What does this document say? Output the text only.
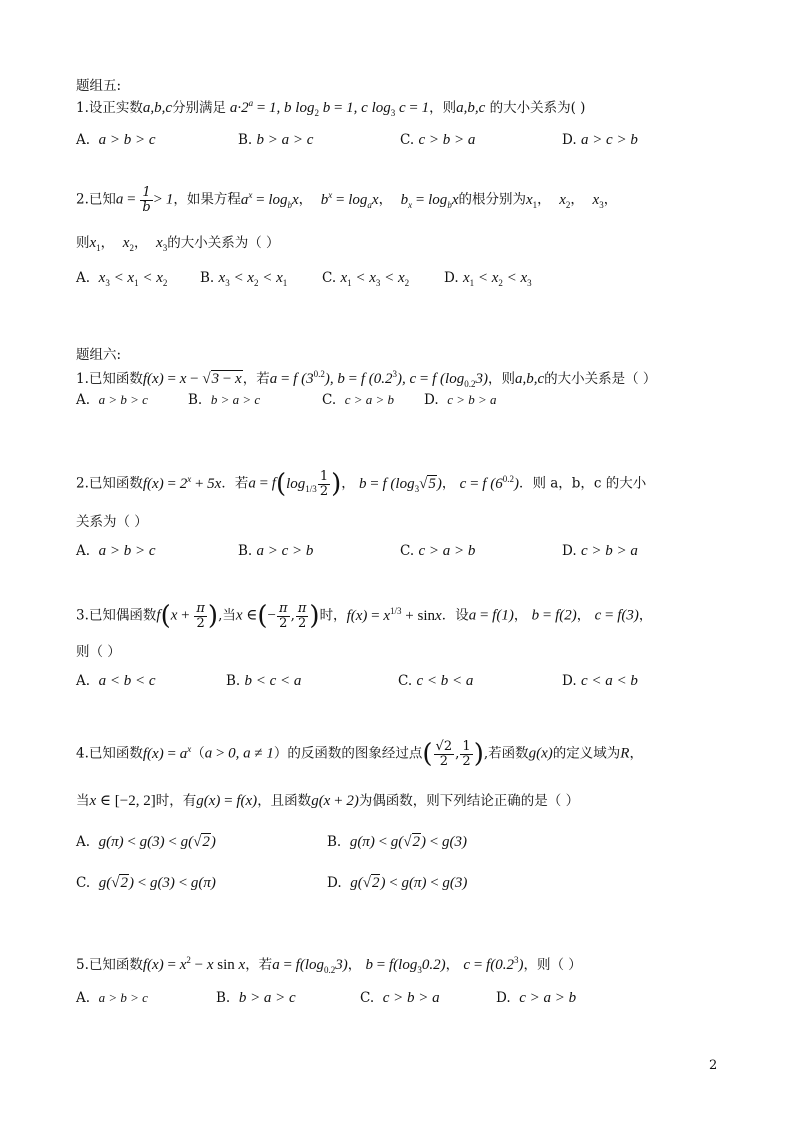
题组五:
1.设正实数a,b,c分别满足 $a\cdot 2^a = 1$, b $\log_2 b = 1$, c $\log_3 c = 1$，则a,b,c 的大小关系为( )
A. a > b > c	B. b > a > c	C. c > b > a	D. a > c > b
2.已知$a = \frac{1}{b} > 1$，如果方程$a^x = \log_bx$，  $b^x = \log_ax$，  $b_x = \log_bx$的根分别为$x_1$，  $x_2$，  $x_3$，
则$x_1$，  $x_2$，  $x_3$的大小关系为（ ）
A. $x_3 < x_1 < x_2$ B. $x_3 < x_2 < x_1$	C. $x_1 < x_3 < x_2$	D. $x_1 < x_2 < x_3$
题组六:
1.已知函数f(x) = x − √3 − x，若a = f $(3^{0.2})$, b = f $(0.2^3)$, c = f $(\log_{0.2}3)$，则a,b,c的大小关系是（ ）
A. a > b > c	B. b > a > c	C. c > a > b D. c > b > a
2.已知函数$f(x) = 2^x + 5x$．若$a = f(\log_{1/3} \frac{1}{2}$ )， b = f $(\log_3√5)$， c = f $(6^{0.2})$．则 a，b，c 的大小
关系为（ ）
A. a > b > c	B. a > c > b	C. c > a > b	D. c > b > a
3.已知偶函数$f(x + \frac{\pi}{2}$ ),当x ∈(− $\frac{\pi}{2}$ , $\frac{\pi}{2}$ )时，$f(x) = x^{1/3} + \sin x$．设a = f(1)， b = f(2)， c = f(3)，
则（ ）
A. a < b < c	B. b < c < a	C. c < b < a	D. c < a < b
4.已知函数$f(x) = a^x(a > 0$, a ≠ 1）的反函数的图象经过点( $\frac{√2}{2}$ , $\frac{1}{2}$ ),若函数g(x)的定义域为R，
当x ∈ [−2, 2]时，有g(x) = f(x)，且函数g(x + 2)为偶函数，则下列结论正确的是（ ）
A. g(π) < g(3) < g(√2)	B. g(π) < g(√2) < g(3)
C. g(√2) < g(3) < g(π)	D. g(√2) < g(π) < g(3)
5.已知函数$f(x) = x^2 - x$ sin x，若$a = f(\log_{0.2}3)$， $b = f(\log_30.2)$， $c = f(0.2^3)$，则（ ）
A. a > b > c	B. b > a > c	C. c > b > a	D. c > a > b
2
